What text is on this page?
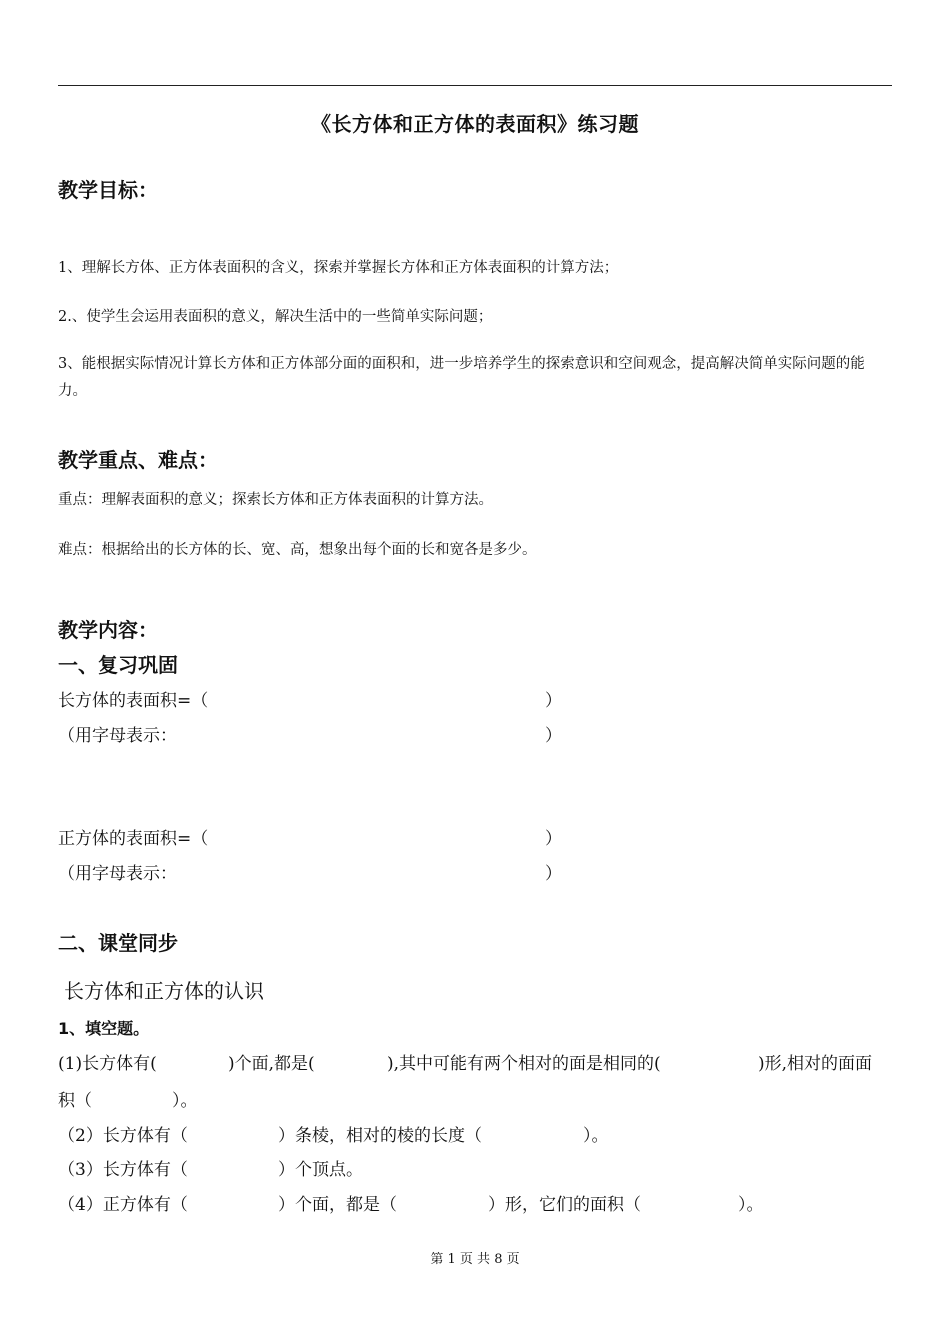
《长方体和正方体的表面积》练习题
教学目标：
1、理解长方体、正方体表面积的含义，探索并掌握长方体和正方体表面积的计算方法；
2.、使学生会运用表面积的意义，解决生活中的一些简单实际问题；
3、能根据实际情况计算长方体和正方体部分面的面积和，进一步培养学生的探索意识和空间观念，提高解决简单实际问题的能力。
教学重点、难点：
重点：理解表面积的意义；探索长方体和正方体表面积的计算方法。
难点：根据给出的长方体的长、宽、高，想象出每个面的长和宽各是多少。
教学内容：
一、复习巩固
长方体的表面积=（	）
（用字母表示：	）
正方体的表面积=（	）
（用字母表示：	）
二、课堂同步
长方体和正方体的认识
1、填空题。
(1)长方体有(	)个面,都是(	),其中可能有两个相对的面是相同的(	)形,相对的面面
积（	）。
（2）长方体有（	）条棱，相对的棱的长度（	）。
（3）长方体有（	）个顶点。
（4）正方体有（	）个面，都是（	）形，它们的面积（	）。
第 1 页 共 8 页
